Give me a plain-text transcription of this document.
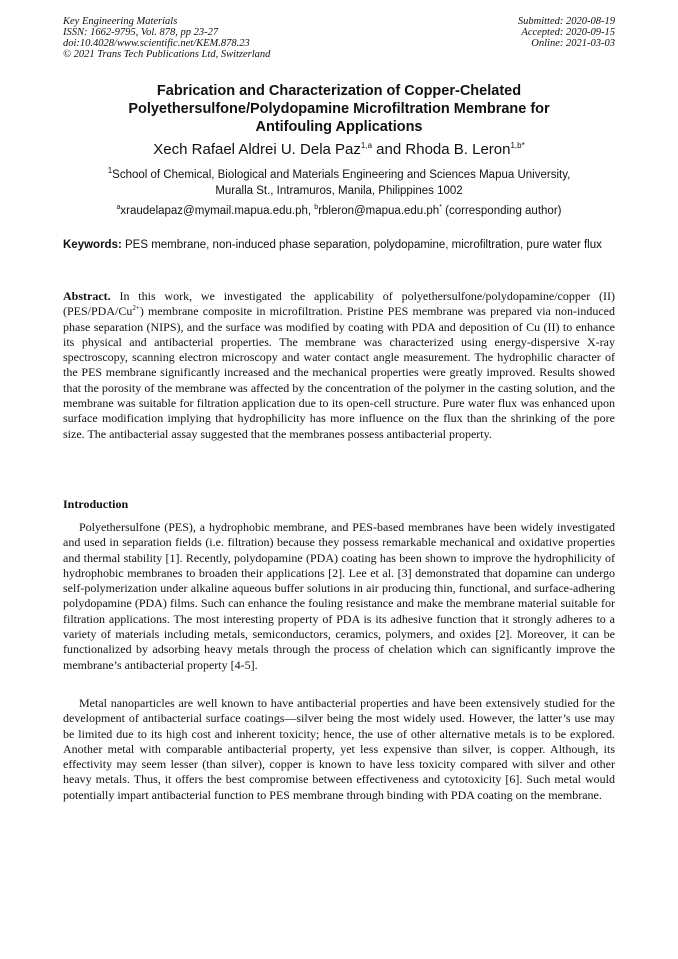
Key Engineering Materials
ISSN: 1662-9795, Vol. 878, pp 23-27
doi:10.4028/www.scientific.net/KEM.878.23
© 2021 Trans Tech Publications Ltd, Switzerland
Submitted: 2020-08-19
Accepted: 2020-09-15
Online: 2021-03-03
Fabrication and Characterization of Copper-Chelated
Polyethersulfone/Polydopamine Microfiltration Membrane for
Antifouling Applications
Xech Rafael Aldrei U. Dela Paz$^{1,a}$ and Rhoda B. Leron$^{1,b*}$
$^1$School of Chemical, Biological and Materials Engineering and Sciences Mapua University,
Muralla St., Intramuros, Manila, Philippines 1002
$^a$xraudelapaz@mymail.mapua.edu.ph, $^b$rbleron@mapua.edu.ph* (corresponding author)
Keywords: PES membrane, non-induced phase separation, polydopamine, microfiltration, pure water flux

Abstract. In this work, we investigated the applicability of polyethersulfone/polydopamine/copper (II) $(PES/PDA/Cu^{2+})$ membrane composite in microfiltration. Pristine PES membrane was prepared via non-induced phase separation (NIPS), and the surface was modified by coating with PDA and deposition of Cu (II) to enhance its physical and antibacterial properties. The membrane was characterized using energy-dispersive X-ray spectroscopy, scanning electron microscopy and water contact angle measurement. The hydrophilic character of the PES membrane significantly increased and the mechanical properties were greatly improved. Results showed that the porosity of the membrane was affected by the concentration of the polymer in the casting solution, and the membrane was suitable for filtration application due to its open-cell structure. Pure water flux was enhanced upon surface modification implying that hydrophilicity has more influence on the flux than the shrinking of the pore size. The antibacterial assay suggested that the membranes possess antibacterial property.

Introduction

Polyethersulfone (PES), a hydrophobic membrane, and PES-based membranes have been widely investigated and used in separation fields (i.e. filtration) because they possess remarkable mechanical and oxidative properties and thermal stability [1]. Recently, polydopamine (PDA) coating has been shown to improve the hydrophilicity of hydrophobic membranes to broaden their applications [2]. Lee et al. [3] demonstrated that dopamine can undergo self-polymerization under alkaline aqueous buffer solutions in air producing thin, functional, and surface-adhering polydopamine (PDA) films. Such can enhance the fouling resistance and make the membrane material suitable for filtration applications. The most interesting property of PDA is its adhesive function that it strongly adheres to a variety of materials including metals, semiconductors, ceramics, polymers, and oxides [2]. Moreover, it can be functionalized by adsorbing heavy metals through the process of chelation which can significantly improve the membrane’s antibacterial property [4-5].

Metal nanoparticles are well known to have antibacterial properties and have been extensively studied for the development of antibacterial surface coatings—silver being the most widely used. However, the latter’s use may be limited due to its high cost and inherent toxicity; hence, the use of other alternative metals is to be explored. Another metal with comparable antibacterial property, yet less expensive than silver, is copper. Although, its effectivity may seem lesser (than silver), copper is known to have less toxicity compared with silver and other heavy metals. Thus, it offers the best compromise between effectiveness and cytotoxicity [6]. Such metal would potentially impart antibacterial function to PES membrane through binding with PDA coating on the membrane.
